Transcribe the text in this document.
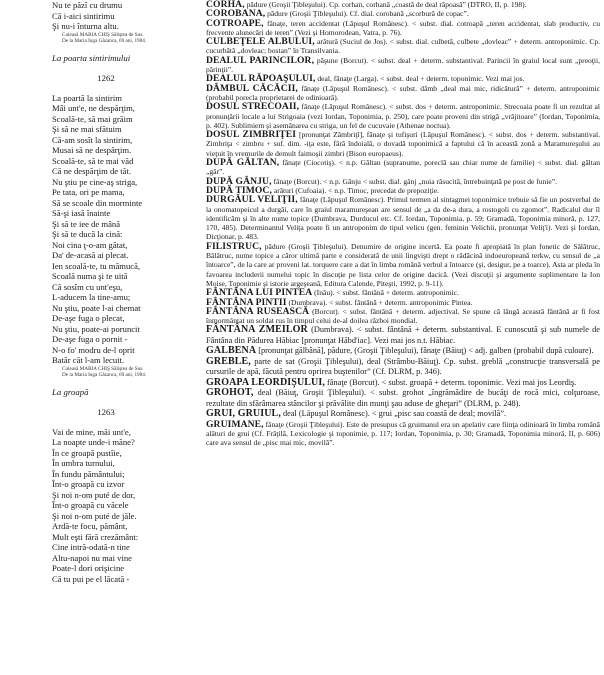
Nu te păzî cu drumu
Că i-aici sintirimu
Şi nu-i înturna altu.
Culeasă MARIA CHIŞ Săliştea de Sus.
De la Maria Iuga Găzanca, 69 ani, 1984.
La poarta sintirimului
1262
La poartă la sintirim
Mâi unt'e, ne despărţim,
Scoală-te, să mai grăim
Şi să ne mai sfătuim
Că-am sosît la sintirim,
Musai să ne despărţim.
Scoală-te, să te mai văd
Că ne despărţim de tăt.
Nu ştiu pe cine-aş striga,
Pe tata, ori pe mama,
Să se scoale din morminte
Să-şi iasă înainte
Şi să te iee de mână
Şi să te ducă la cină:
Noi cina ţ-o-am gătat,
Da' de-acasă ai plecat.
Ien scoală-te, tu mămucă,
Scoală numa şi te uită
Că sosîm cu unt'eşu,
L-aducem la tine-amu;
Nu ştiu, poate l-ai chemat
De-aşe fuga o plecat,
Nu ştiu, poate-ai poruncit
De-aşe fuga o pornit -
N-o fo' modru de-l oprit
Batăr căt l-am lecuit.
Culeasă MARIA CHIŞ Săliştea de Sus.
De la Maria Iuga Găzanca, 69 ani, 1984.
La groapă
1263
Vai de mine, măi unt'e,
La noapte unde-i măne?
În ce groapă pustîie,
În umbra turnului,
În fundu pământului;
Înt-o groapă cu izvor
Şi noi n-om puté de dor,
Înt-o groapă cu văcele
Şi noi n-om puté de jăle.
Ardă-te focu, pământ,
Mult eşti fără crezământ:
Cine intră-odată-n tine
Altu-napoi nu mai vine
Poate-l dori orişicine
Că tu pui pe el lăcată -
CORHA, pădure (Groşii Ţibleşului). Cp. corhan, corhană „coastă de deal răpoasă” (DTRO, II, p. 198).
COROBANA, pădure (Groşii Ţibleşului). Cf. dial. corobană „scorbură de copac”.
COTROAPE, fânaţe, teren accidentat (Lăpuşul Românesc). < subst. dial. cotroapă „teren accidentat, slab productiv, cu frecvente alunecări de teren” (Vezi şi Homorodean, Vatra, p. 76).
CULBEŢELE ALBULUI, arătură (Suciul de Jos). < subst. dial. culbetă, culbete „dovleac” + determ. antroponimic. Cp. cucurbătă „dovleac; bostan” în Transilvania.
DEALUL PARINCILOR, păşune (Borcut). < subst. deal + determ. substantival. Parincii în graiul local sunt „preoţii, părinţii”.
DEALUL RĂPOAŞULUI, deal, fânaţe (Larga). < subst. deal + determ. toponimic. Vezi mai jos.
DÂMBUL CĂCĂCII, fânaţe (Lăpuşul Românesc). < subst. dâmb „deal mai mic, ridicătură” + determ. antroponimic (probabil porecla proprietarei de odinioară).
DOSUL STRECOAII, fânaţe (Lăpuşul Românesc). < subst. dos + determ. antroponimic. Strecoaia poate fi un rezultat al pronunţării locale a lui Strigoaia (vezi Iordan, Toponimia, p. 250), care poate proveni din strigă „vrăjitoare” (Iordan, Toponimia, p. 402). Sublimiem şi asemănarea cu striga, un fel de cucuvaie (Athenae noctua).
DOSUL ZIMBRIŢEI [pronunţat Zămbriţî], fânaţe şi tufişuri (Lăpuşul Românesc). < subst. dos + determ. substantival. Zimbriţa < zimbru + suf. dim. -iţa este, fără îndoială, o dovadă toponimică a faptului că în această zonă a Maramureşului au vieţuit în vremurile de demult faimoşii zimbri (Bison europaeus).
DUPĂ GĂLTAN, fânaţe (Ciocotiş). < n.p. Găltan (supranume, poreclă sau chiar nume de familie) < subst. dial. găltan „găr”.
DUPĂ GÂNJU, fânaţe (Borcut). < n.p. Gânju < subst. dial. gânj „nuia răsucită, întrebuinţată pe post de funie”.
DUPĂ TIMOC, arături (Cufoaia). < n.p. Timoc, precedat de prepoziţie.
DURGĂUL VELIŢII, fânaţe (Lăpuşul Românesc). Primul termen al sintagmei toponimice trebuie să fie un postverbal de la onomatopeicul a durgăi, care în graiul maramureşean are sensul de „a da de-a dura, a rostogoli cu zgomot”. Radicalul dur îl identificăm şi în alte nume topice (Dumbrava, Durducul etc. Cf. Iordan, Toponimia, p. 59; Gramadă, Toponimia minoră, p. 127, 170, 485). Determinantul Veliţa poate fi un antroponim de tipul velicu (gen. feminin Velichii, pronunţat Veliţ'i). Vezi şi Iordan, Dicţionar, p. 483.
FILISTRUC, pădure (Groşii Ţibleşului). Denumire de origine incertă. Ea poate fi apropiată în plan fonetic de Sălătruc, Bălătruc, nume topice a căror ultimă parte e considerată de unii lingvişti drept o rădăcină indoeuropeană terkw, cu sensul de „a întoarce”, de la care ar proveni lat. torquere care a dat în limba română verbul a întoarce (şi, desigur, pe a toarce). Asta ar pleda în favoarea includerii numelui topic în discuţie pe lista celor de origine dacică. (Vezi discuţii şi argumente suplimentare la Ion Moise, Toponimie şi istorie argeşeană, Editura Calende, Piteşti, 1992, p. 9-11).
FÂNTÂNA LUI PINTEA (Inău). < subst. fântână + determ. antroponimic.
FÂNTÂNA PINTII (Dumbrava). < subst. fântână + determ. antroponimic Pintea.
FÂNTÂNA RUSEASCĂ (Borcut). < subst. fântână + determ. adjectival. Se spune că lângă această fântână ar fi fost înmormântat un soldat rus în timpul celui de-al doilea război mondial.
FÂNTÂNA ZMEILOR (Dumbrava). < subst. fântână + determ. substantival. E cunoscută şi sub numele de Fântâna din Pădurea Hăbiac [pronunţat Hăbd'iac]. Vezi mai jos n.t. Hăbiac.
GALBENA [pronunţat gălbână], pădure, (Groşii Ţibleşului), fânaţe (Băiuţ) < adj. galben (probabil după culoare).
GREBLE, parte de sat (Groşii Ţibleşului), deal (Strâmbu-Băiuţ). Cp. subst. greblă „construcţie transversală pe cursurile de apă, făcută pentru oprirea buştenilor” (Cf. DLRM, p. 346).
GROAPA LEORDIŞULUI, fânaţe (Borcut). < subst. groapă + determ. toponimic. Vezi mai jos Leordiş.
GROHOT, deal (Băiuţ, Groşii Ţibleşului). < subst. grohot „îngrămădire de bucăţi de rocă mici, colţuroase, rezultate din sfărâmarea stâncilor şi prăvălite din munţi şau aduse de gheţari” (DLRM, p. 248).
GRUI, GRUIUL, deal (Lăpuşul Românesc). < grui „pisc sau coastă de deal; movilă”.
GRUIMANE, fânaţe (Groşii Ţibleşului). Este de presupus că gruimanul era un apelativ care fiinţa odinioară în limba română alături de grui (Cf. Frăţilă, Lexicologie şi toponimie, p. 117; Iordan, Toponimia, p. 30; Gramadă, Toponimia minoră, II, p. 606) care ava sensul de „pisc mai mic, movilă”.
